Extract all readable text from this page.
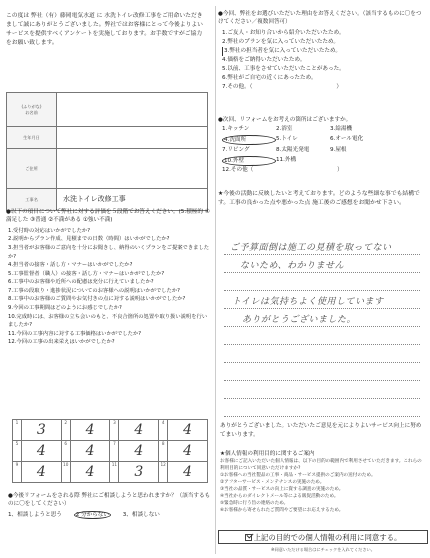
この度は 弊社（有）藤岡電気水道 に 水洗トイレ改修工事をご用命いただきまして誠にありがとうございました。弊社ではお客様にとって今後よりよいサービスを提供すべくアンケートを実施しております。お手数ですがご協力をお願い致します。
(ふりがな)
お名前	
生年月日	
ご住所	
工事名	水洗トイレ改修工事
●以下の項目について弊社に対する評価を５段階でお答えください。(5:積極的 ④満足した ③普通 ②不満がある ①強い不満)
1.受付時の対応はいかがでしたか?
2.説明からプラン作成、見積までの日数（時間）はいかがでしたか?
3.担当者がお客様のご意向を十分にお聞きし、納得のいくプランをご提案できましたか?
4.担当者の接客・話し方・マナーはいかがでしたか?
5.工事監督者（職人）の接客・話し方・マナーはいかがでしたか?
6.工事中のお客様や近所への配慮は充分に行えていましたか?
7.工事の段取り・進捗状況についてのお客様への説明はいかがでしたか?
8.工事中のお客様のご質問やお気付きの点に対する説明はいかがでしたか?
9.今回の工事期間はどのようにお感じでしたか?
10.完成時には、お客様の立ち会いのもと、不良合箇所の処置や取り扱い説明を行いましたか?
11.今回の工事内容に対する工事価格はいかがでしたか?
12.今回の工事の出来栄えはいかがでしたか?
1	3	2	4	3	4	4	4
5	4	6	4	7	4	8	4
9	4	10	4	11	3	12	4
●今後リフォームをされる際 弊社にご相談しようと思われますか？（該当するものに〇をしてください）
1、相談しようと思う 2 分からない 3、相談しない
●今回、弊社をお選びいただいた理由をお答えください。（該当するものに〇をつけてください／複数回答可）
1.ご友人・お知り合いから紹介いただいたため。
2.弊社のプランを気に入っていただいたため。
3.弊社の担当者を気に入っていただいたため。
4.価格をご納得いただいたため。
5.以前、工事をさせていただいたことがあった。
6.弊社がご自宅の近くにあったため。
7.その他。（　　　　　　　　　　　　　　　）
●次回、リフォームをお考えの箇所はございますか。
1.キッチン	2.浴室	3.給湯機
4.洗面所	5.トイレ	6.オール電化
7.リビング	8.太陽光発電	9.屋根
10.外壁	11.外構
12.その他（　　　　　　　　　　　　　　　）
★今後の活動に反映したいと考えております。どのような些細な事でも結構です。工事の良かった点や悪かった点 施工後のご感想をお聞かせ下さい。
ご予算面倒は施工の見積を取ってない
ないため、わかりません
トイレは気持ちよく使用しています
ありがとうございました。
ありがとうございました。いただいたご意見を元によりよいサービス向上に努めてまいります。
★個人情報の利用目的に関するご案内
お客様にご記入いただいた個人情報は、以下の目的の範囲内で利用させていただきます。これらの利用目的について同意いただけますか?
①お客様への当社製品の工事・商品・サービス提供のご案内の送付のため。
②アフターサービス・メンテナンスの実施のため。
③当社の品質・サービスの向上に資する調査の実施のため。
④当社からのダイレクトメール等による販促活動のため。
⑤緊急時に行う旨の連絡のため。
⑥お客様から寄せられたご質問やご要望にお応えするため。
上記の目的での個人情報の利用に同意する。
※同意いただける場合はにチェックを入れてください。
